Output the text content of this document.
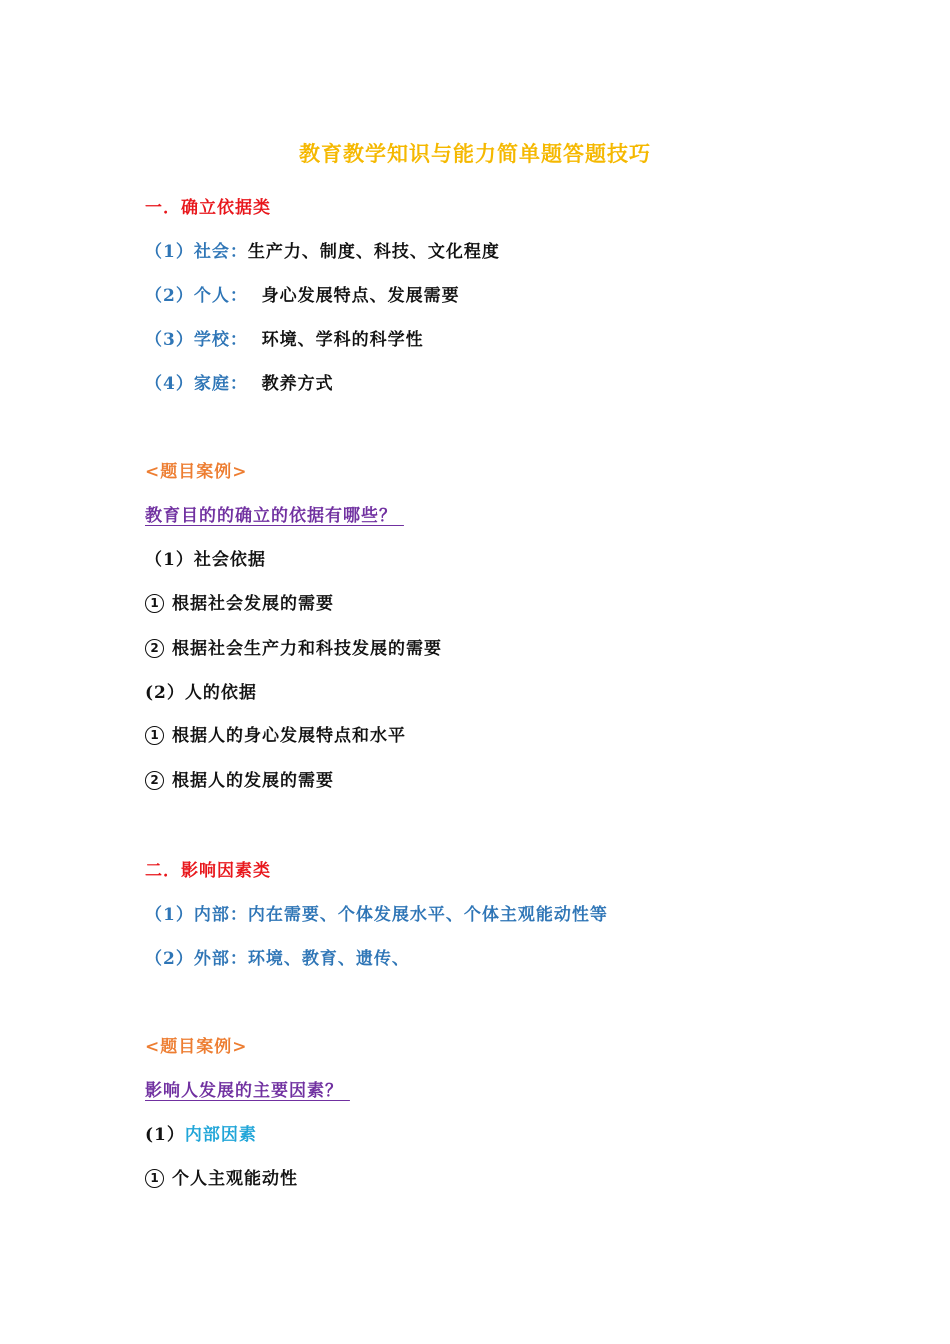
教育教学知识与能力简单题答题技巧
一．确立依据类
（1）社会：生产力、制度、科技、文化程度
（2）个人：  身心发展特点、发展需要
（3）学校：  环境、学科的科学性
（4）家庭：  教养方式
<题目案例>
教育目的的确立的依据有哪些？
（1）社会依据
1 根据社会发展的需要
2 根据社会生产力和科技发展的需要
(2）人的依据
1 根据人的身心发展特点和水平
2 根据人的发展的需要
二．影响因素类
（1）内部：内在需要、个体发展水平、个体主观能动性等
（2）外部：环境、教育、遗传、
<题目案例>
影响人发展的主要因素？
(1）内部因素
1 个人主观能动性
